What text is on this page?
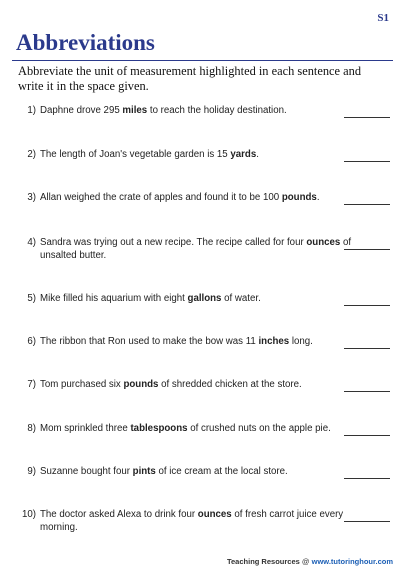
S1
Abbreviations
Abbreviate the unit of measurement highlighted in each sentence and write it in the space given.
1) Daphne drove 295 miles to reach the holiday destination.
2) The length of Joan's vegetable garden is 15 yards.
3) Allan weighed the crate of apples and found it to be 100 pounds.
4) Sandra was trying out a new recipe. The recipe called for four ounces of unsalted butter.
5) Mike filled his aquarium with eight gallons of water.
6) The ribbon that Ron used to make the bow was 11 inches long.
7) Tom purchased six pounds of shredded chicken at the store.
8) Mom sprinkled three tablespoons of crushed nuts on the apple pie.
9) Suzanne bought four pints of ice cream at the local store.
10) The doctor asked Alexa to drink four ounces of fresh carrot juice every morning.
Teaching Resources @ www.tutoringhour.com
